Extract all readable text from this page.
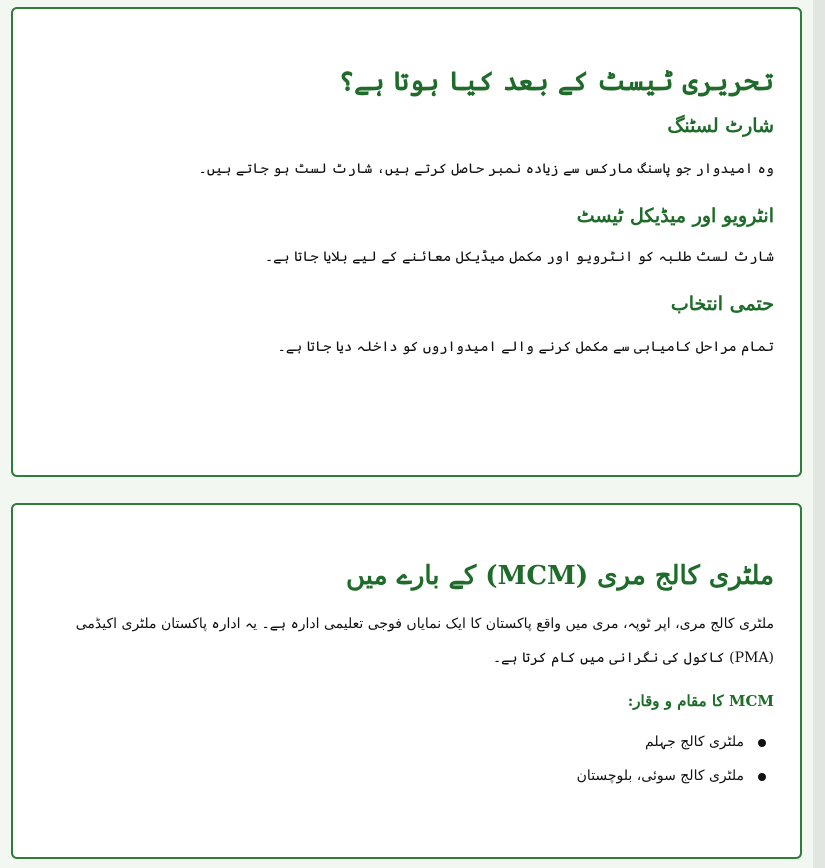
تحریری ٹیسٹ کے بعد کیا ہوتا ہے؟
شارٹ لسٹنگ

وہ امیدوار جو پاسنگ مارکس سے زیادہ نمبر حاصل کرتے ہیں، شارٹ لسٹ ہو جاتے ہیں۔

انٹرویو اور میڈیکل ٹیسٹ

شارٹ لسٹ طلبہ کو انٹرویو اور مکمل میڈیکل معائنے کے لیے بلایا جاتا ہے۔

حتمی انتخاب

تمام مراحل کامیابی سے مکمل کرنے والے امیدواروں کو داخلہ دیا جاتا ہے۔

ملٹری کالج مری (MCM) کے بارے میں

ملٹری کالج مری، اپر ٹوپہ، مری میں واقع پاکستان کا ایک نمایاں فوجی تعلیمی ادارہ ہے۔ یہ ادارہ پاکستان ملٹری اکیڈمی (PMA) کاکول کی نگرانی میں کام کرتا ہے۔

MCM کا مقام و وقار:
ملٹری کالج جہلم
ملٹری کالج سوئی، بلوچستان
